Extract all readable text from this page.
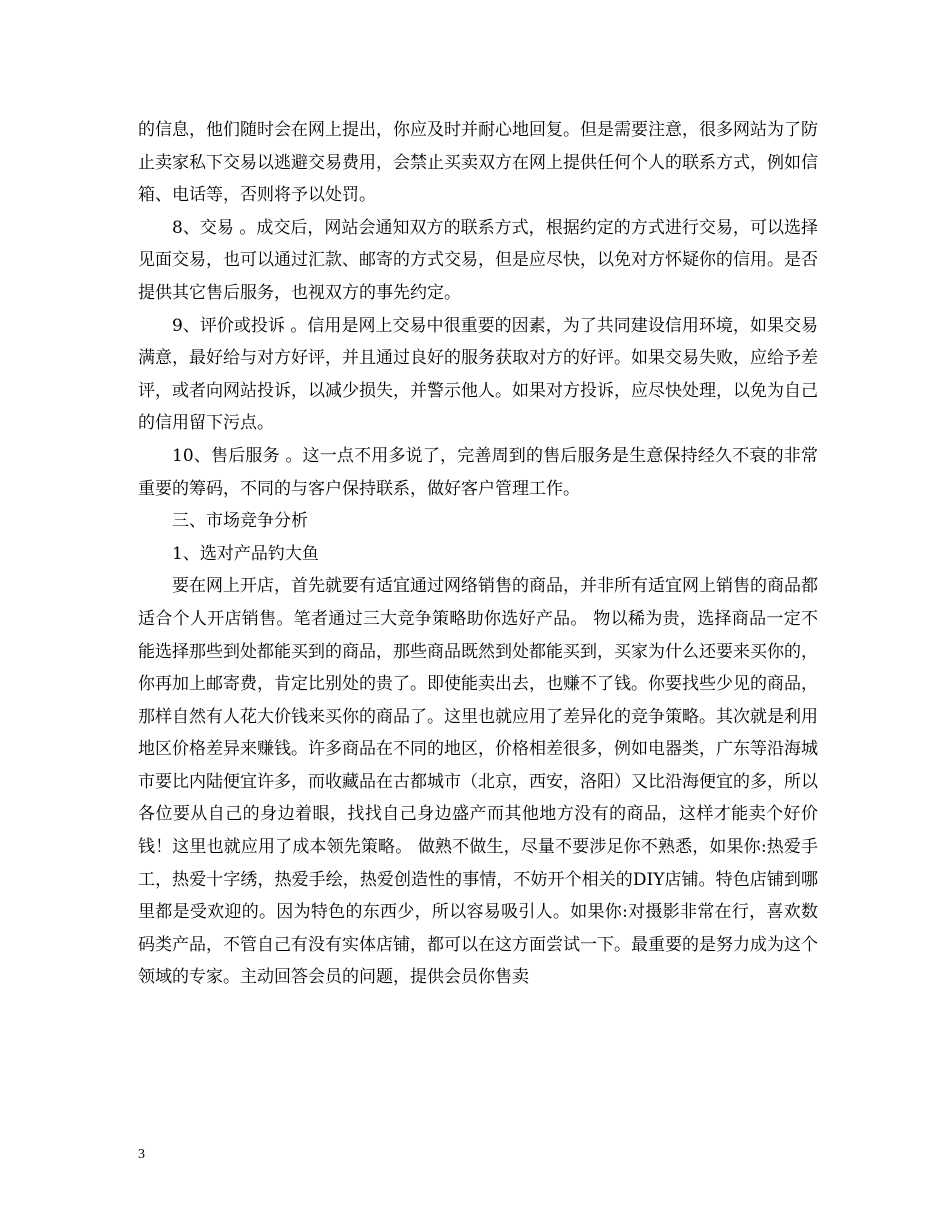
的信息，他们随时会在网上提出，你应及时并耐心地回复。但是需要注意，很多网站为了防止卖家私下交易以逃避交易费用，会禁止买卖双方在网上提供任何个人的联系方式，例如信箱、电话等，否则将予以处罚。

8、交易 。成交后，网站会通知双方的联系方式，根据约定的方式进行交易，可以选择见面交易，也可以通过汇款、邮寄的方式交易，但是应尽快，以免对方怀疑你的信用。是否提供其它售后服务，也视双方的事先约定。

9、评价或投诉 。信用是网上交易中很重要的因素，为了共同建设信用环境，如果交易满意，最好给与对方好评，并且通过良好的服务获取对方的好评。如果交易失败，应给予差评，或者向网站投诉，以减少损失，并警示他人。如果对方投诉，应尽快处理，以免为自己的信用留下污点。

10、售后服务 。这一点不用多说了，完善周到的售后服务是生意保持经久不衰的非常重要的筹码，不同的与客户保持联系，做好客户管理工作。

三、市场竞争分析

1、选对产品钓大鱼

要在网上开店，首先就要有适宜通过网络销售的商品，并非所有适宜网上销售的商品都适合个人开店销售。笔者通过三大竞争策略助你选好产品。 物以稀为贵，选择商品一定不能选择那些到处都能买到的商品，那些商品既然到处都能买到，买家为什么还要来买你的，你再加上邮寄费，肯定比别处的贵了。即使能卖出去，也赚不了钱。你要找些少见的商品，那样自然有人花大价钱来买你的商品了。这里也就应用了差异化的竞争策略。其次就是利用地区价格差异来赚钱。许多商品在不同的地区，价格相差很多，例如电器类，广东等沿海城市要比内陆便宜许多，而收藏品在古都城市（北京，西安，洛阳）又比沿海便宜的多，所以各位要从自己的身边着眼，找找自己身边盛产而其他地方没有的商品，这样才能卖个好价钱！这里也就应用了成本领先策略。 做熟不做生，尽量不要涉足你不熟悉，如果你:热爱手工，热爱十字绣，热爱手绘，热爱创造性的事情，不妨开个相关的DIY店铺。特色店铺到哪里都是受欢迎的。因为特色的东西少，所以容易吸引人。如果你:对摄影非常在行，喜欢数码类产品，不管自己有没有实体店铺，都可以在这方面尝试一下。最重要的是努力成为这个领域的专家。主动回答会员的问题，提供会员你售卖

3
